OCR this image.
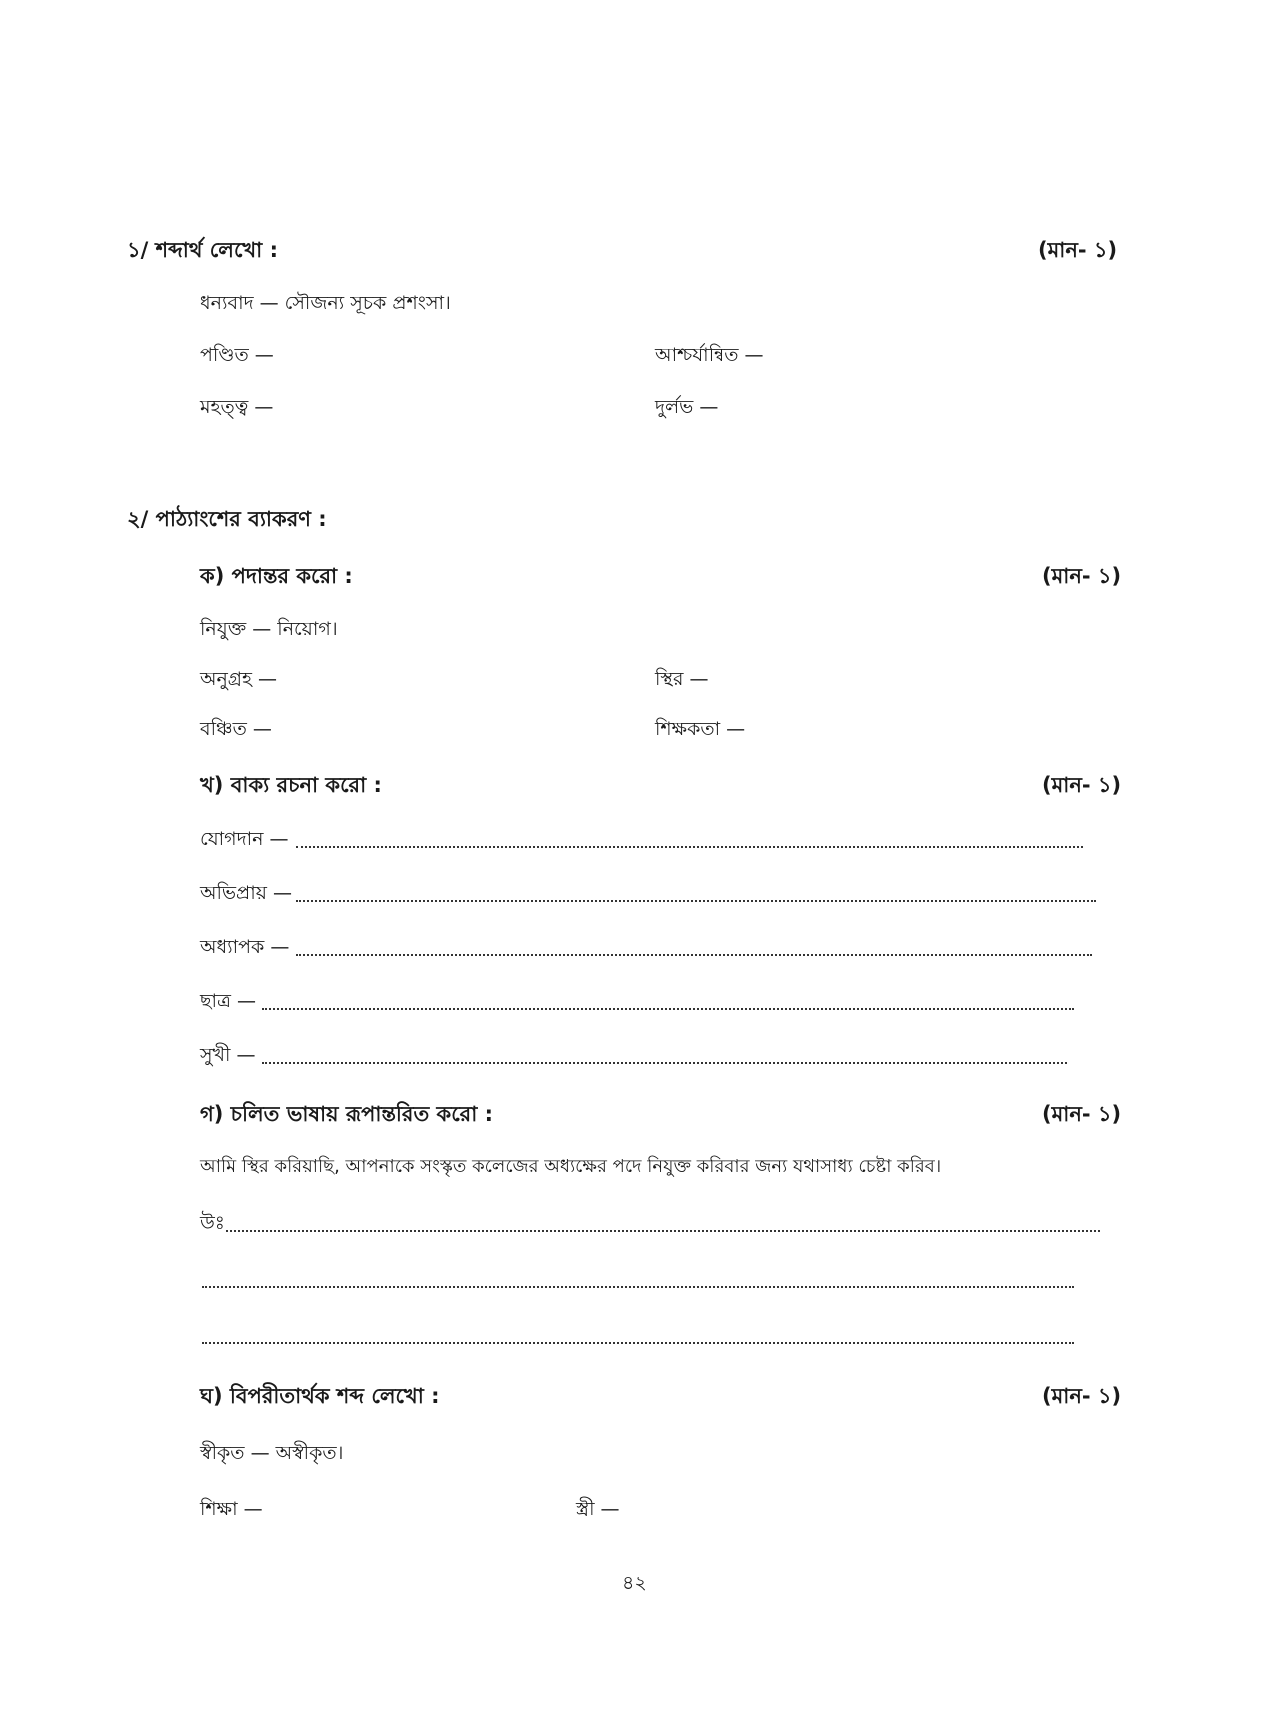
১/ শব্দার্থ লেখো :	(মান- ১)
ধন্যবাদ — সৌজন্য সূচক প্রশংসা।
পণ্ডিত —	আশ্চর্যান্বিত —
মহত্ত্ব —	দুর্লভ —
২/ পাঠ্যাংশের ব্যাকরণ :
ক) পদান্তর করো :	(মান- ১)
নিযুক্ত — নিয়োগ।
অনুগ্রহ —	স্থির —
বঞ্চিত —	শিক্ষকতা —
খ) বাক্য রচনা করো :	(মান- ১)
যোগদান —
অভিপ্রায় —
অধ্যাপক —
ছাত্র —
সুখী —
গ) চলিত ভাষায় রূপান্তরিত করো :	(মান- ১)
আমি স্থির করিয়াছি, আপনাকে সংস্কৃত কলেজের অধ্যক্ষের পদে নিযুক্ত করিবার জন্য যথাসাধ্য চেষ্টা করিব।
উঃ
ঘ) বিপরীতার্থক শব্দ লেখো :	(মান- ১)
স্বীকৃত — অস্বীকৃত।
শিক্ষা —	স্ত্রী —
৪২
